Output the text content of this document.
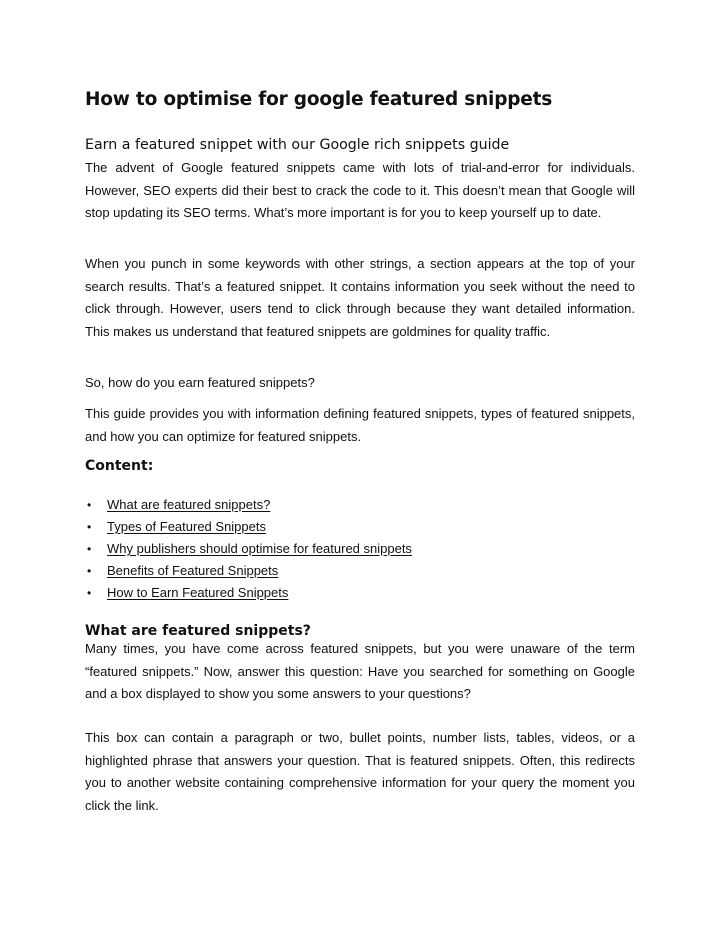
How to optimise for google featured snippets
Earn a featured snippet with our Google rich snippets guide

The advent of Google featured snippets came with lots of trial-and-error for individuals. However, SEO experts did their best to crack the code to it. This doesn’t mean that Google will stop updating its SEO terms. What’s more important is for you to keep yourself up to date.

When you punch in some keywords with other strings, a section appears at the top of your search results. That’s a featured snippet. It contains information you seek without the need to click through. However, users tend to click through because they want detailed information. This makes us understand that featured snippets are goldmines for quality traffic.

So, how do you earn featured snippets?

This guide provides you with information defining featured snippets, types of featured snippets, and how you can optimize for featured snippets.

Content:
• What are featured snippets?
• Types of Featured Snippets
• Why publishers should optimise for featured snippets
• Benefits of Featured Snippets
• How to Earn Featured Snippets
What are featured snippets?

Many times, you have come across featured snippets, but you were unaware of the term “featured snippets.” Now, answer this question: Have you searched for something on Google and a box displayed to show you some answers to your questions?

This box can contain a paragraph or two, bullet points, number lists, tables, videos, or a highlighted phrase that answers your question. That is featured snippets. Often, this redirects you to another website containing comprehensive information for your query the moment you click the link.
